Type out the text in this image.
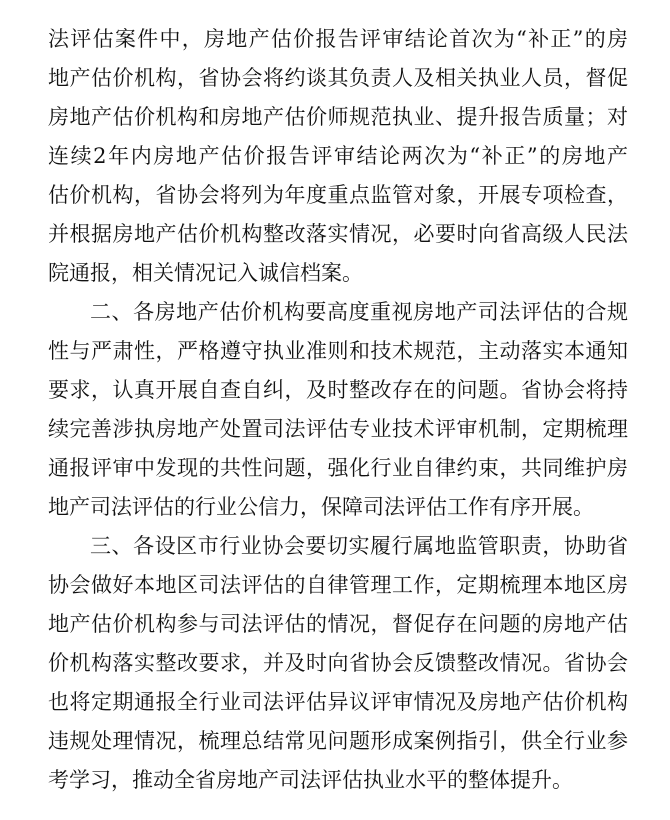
法评估案件中，房地产估价报告评审结论首次为“补正”的房
地产估价机构，省协会将约谈其负责人及相关执业人员，督促
房地产估价机构和房地产估价师规范执业、提升报告质量；对
连续2年内房地产估价报告评审结论两次为“补正”的房地产
估价机构，省协会将列为年度重点监管对象，开展专项检查，
并根据房地产估价机构整改落实情况，必要时向省高级人民法
院通报，相关情况记入诚信档案。
二、各房地产估价机构要高度重视房地产司法评估的合规
性与严肃性，严格遵守执业准则和技术规范，主动落实本通知
要求，认真开展自查自纠，及时整改存在的问题。省协会将持
续完善涉执房地产处置司法评估专业技术评审机制，定期梳理
通报评审中发现的共性问题，强化行业自律约束，共同维护房
地产司法评估的行业公信力，保障司法评估工作有序开展。
三、各设区市行业协会要切实履行属地监管职责，协助省
协会做好本地区司法评估的自律管理工作，定期梳理本地区房
地产估价机构参与司法评估的情况，督促存在问题的房地产估
价机构落实整改要求，并及时向省协会反馈整改情况。省协会
也将定期通报全行业司法评估异议评审情况及房地产估价机构
违规处理情况，梳理总结常见问题形成案例指引，供全行业参
考学习，推动全省房地产司法评估执业水平的整体提升。
